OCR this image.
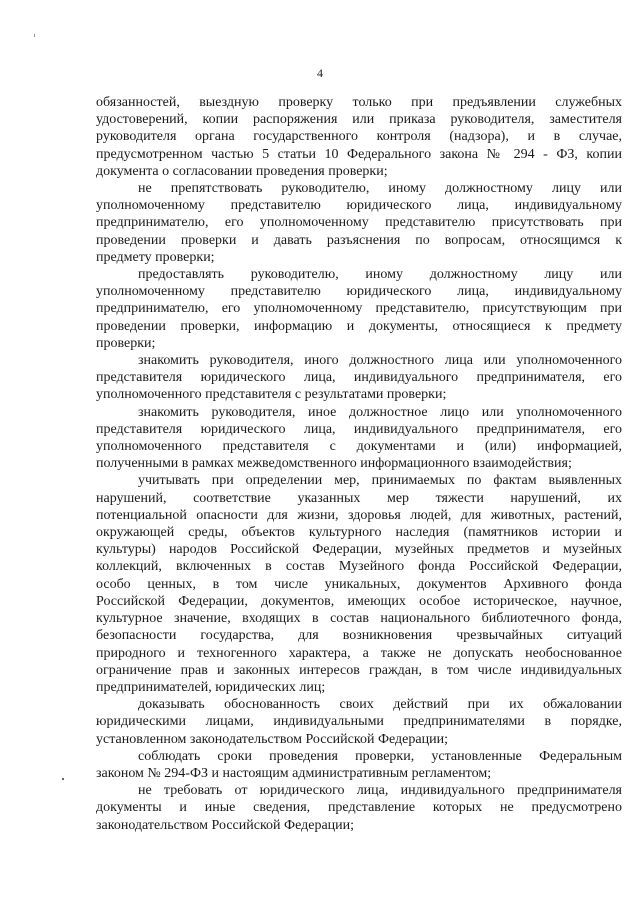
4
обязанностей, выездную проверку только при предъявлении служебных
удостоверений, копии распоряжения или приказа руководителя, заместителя
руководителя органа государственного контроля (надзора), и в случае,
предусмотренном частью 5 статьи 10 Федерального закона № 294 - ФЗ, копии
документа о согласовании проведения проверки;
не препятствовать руководителю, иному должностному лицу или
уполномоченному представителю юридического лица, индивидуальному
предпринимателю, его уполномоченному представителю присутствовать при
проведении проверки и давать разъяснения по вопросам, относящимся к
предмету проверки;
предоставлять руководителю, иному должностному лицу или
уполномоченному представителю юридического лица, индивидуальному
предпринимателю, его уполномоченному представителю, присутствующим при
проведении проверки, информацию и документы, относящиеся к предмету
проверки;
знакомить руководителя, иного должностного лица или уполномоченного
представителя юридического лица, индивидуального предпринимателя, его
уполномоченного представителя с результатами проверки;
знакомить руководителя, иное должностное лицо или уполномоченного
представителя юридического лица, индивидуального предпринимателя, его
уполномоченного представителя с документами и (или) информацией,
полученными в рамках межведомственного информационного взаимодействия;
учитывать при определении мер, принимаемых по фактам выявленных
нарушений, соответствие указанных мер тяжести нарушений, их
потенциальной опасности для жизни, здоровья людей, для животных, растений,
окружающей среды, объектов культурного наследия (памятников истории и
культуры) народов Российской Федерации, музейных предметов и музейных
коллекций, включенных в состав Музейного фонда Российской Федерации,
особо ценных, в том числе уникальных, документов Архивного фонда
Российской Федерации, документов, имеющих особое историческое, научное,
культурное значение, входящих в состав национального библиотечного фонда,
безопасности государства, для возникновения чрезвычайных ситуаций
природного и техногенного характера, а также не допускать необоснованное
ограничение прав и законных интересов граждан, в том числе индивидуальных
предпринимателей, юридических лиц;
доказывать обоснованность своих действий при их обжаловании
юридическими лицами, индивидуальными предпринимателями в порядке,
установленном законодательством Российской Федерации;
соблюдать сроки проведения проверки, установленные Федеральным
законом № 294-ФЗ и настоящим административным регламентом;
не требовать от юридического лица, индивидуального предпринимателя
документы и иные сведения, представление которых не предусмотрено
законодательством Российской Федерации;
